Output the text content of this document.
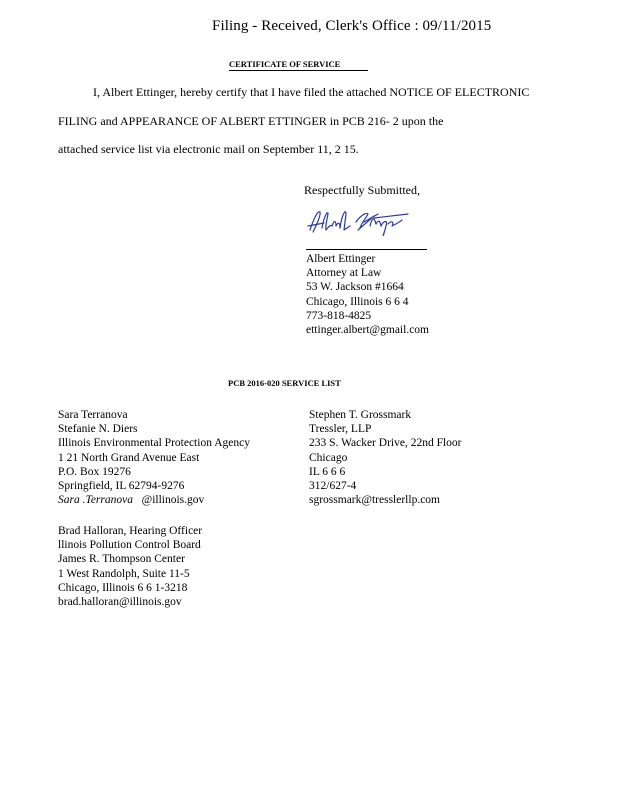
Filing - Received, Clerk's Office : 09/11/2015
CERTIFICATE OF SERVICE
I, Albert Ettinger, hereby certify that I have filed the attached NOTICE OF ELECTRONIC
FILING and APPEARANCE OF ALBERT ETTINGER in PCB 216- 2 upon the
attached service list via electronic mail on September 11, 2 15.
Respectfully Submitted,
Albert Ettinger
Attorney at Law
53 W. Jackson #1664
Chicago, Illinois 6 6 4
773-818-4825
ettinger.albert@gmail.com
PCB 2016-020 SERVICE LIST
Sara Terranova
Stefanie N. Diers
Illinois Environmental Protection Agency
1 21 North Grand Avenue East
P.O. Box 19276
Springfield, IL 62794-9276
Sara .Terranova @illinois.gov
Stephen T. Grossmark
Tressler, LLP
233 S. Wacker Drive, 22nd Floor
Chicago
IL 6 6 6
312/627-4
sgrossmark@tresslerllp.com
Brad Halloran, Hearing Officer
llinois Pollution Control Board
James R. Thompson Center
1 West Randolph, Suite 11-5
Chicago, Illinois 6 6 1-3218
brad.halloran@illinois.gov
